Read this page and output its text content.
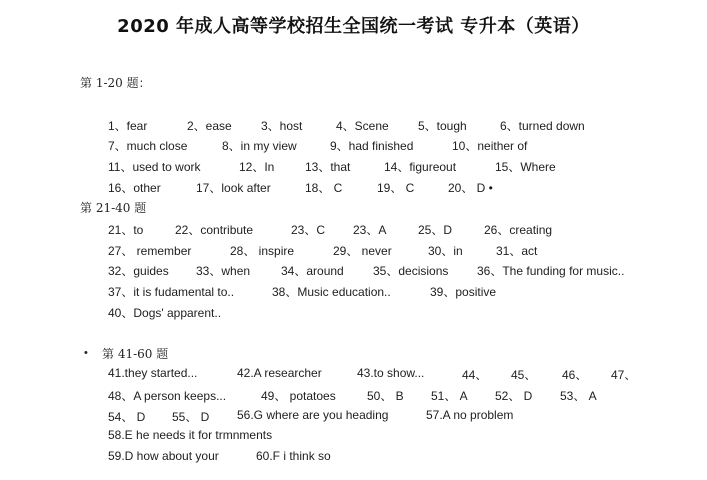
2020 年成人高等学校招生全国统一考试 专升本（英语）
第 1-20 题：
1、fear	2、ease 3、host	4、Scene 5、tough	6、turned down
7、much close	8、in my view	9、had finished	10、neither of
11、used to work	12、In	13、that	14、figureout	15、Where
16、other	17、look after	18、 C	19、 C	20、 D •
第 21-40 题
21、to	22、contribute	23、C 23、A	25、D	26、creating
27、 remember	28、 inspire	29、 never	30、in	31、act
32、guides 33、when	34、around 35、decisions 36、The funding for music..
37、it is fudamental to..	38、Music education..	39、positive
40、Dogs' apparent..
• 第 41-60 题
41.they started...	42.A researcher	43.to show...	44、 45、 46、 47、
48、A person keeps...	49、 potatoes	50、 B 51、 A 52、 D 53、 A
54、 D 55、 D 56.G where are you heading	57.A no problem
58.E he needs it for trmnments
59.D how about your	60.F i think so
